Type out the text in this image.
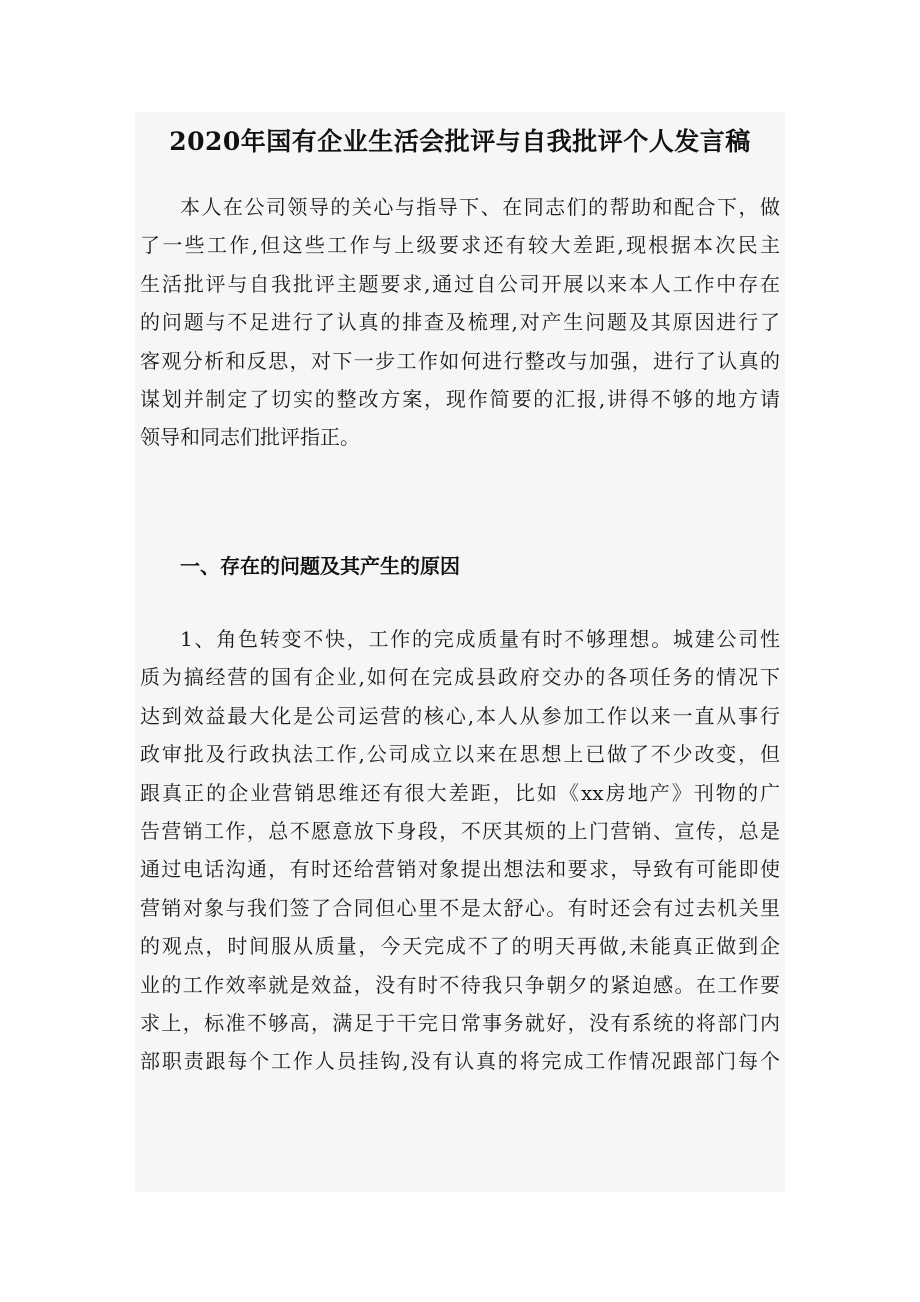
2020年国有企业生活会批评与自我批评个人发言稿
本人在公司领导的关心与指导下、在同志们的帮助和配合下，做
了一些工作,但这些工作与上级要求还有较大差距,现根据本次民主
生活批评与自我批评主题要求,通过自公司开展以来本人工作中存在
的问题与不足进行了认真的排查及梳理,对产生问题及其原因进行了
客观分析和反思，对下一步工作如何进行整改与加强，进行了认真的
谋划并制定了切实的整改方案，现作简要的汇报,讲得不够的地方请
领导和同志们批评指正。
一、存在的问题及其产生的原因
1、角色转变不快，工作的完成质量有时不够理想。城建公司性
质为搞经营的国有企业,如何在完成县政府交办的各项任务的情况下
达到效益最大化是公司运营的核心,本人从参加工作以来一直从事行
政审批及行政执法工作,公司成立以来在思想上已做了不少改变，但
跟真正的企业营销思维还有很大差距，比如《xx房地产》刊物的广
告营销工作，总不愿意放下身段，不厌其烦的上门营销、宣传，总是
通过电话沟通，有时还给营销对象提出想法和要求，导致有可能即使
营销对象与我们签了合同但心里不是太舒心。有时还会有过去机关里
的观点，时间服从质量，今天完成不了的明天再做,未能真正做到企
业的工作效率就是效益，没有时不待我只争朝夕的紧迫感。在工作要
求上，标准不够高，满足于干完日常事务就好，没有系统的将部门内
部职责跟每个工作人员挂钩,没有认真的将完成工作情况跟部门每个
